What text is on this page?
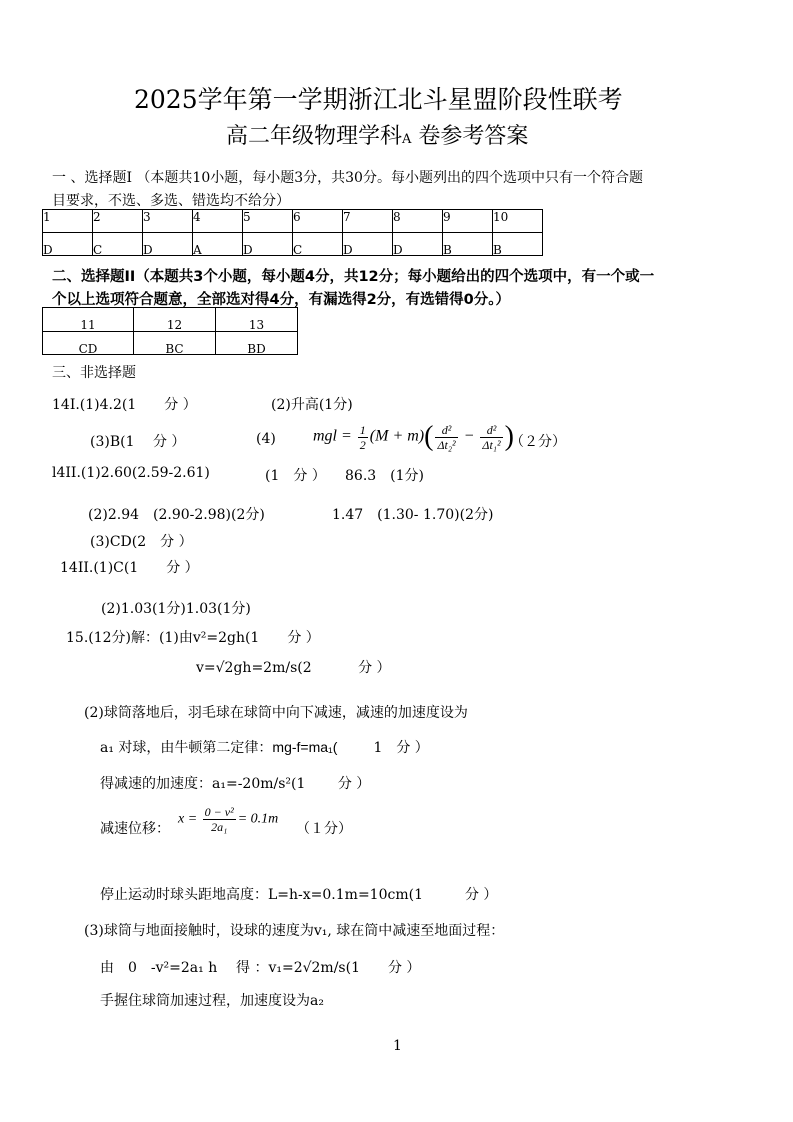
2025学年第一学期浙江北斗星盟阶段性联考
高二年级物理学科A 卷参考答案
一 、选择题I （本题共10小题，每小题3分，共30分。每小题列出的四个选项中只有一个符合题
目要求，不选、多选、错选均不给分）
1	2	3	4	5	6	7	8	9	10
D	C	D	A	D	C	D	D	B	B
二、选择题II（本题共3个小题，每小题4分，共12分；每小题给出的四个选项中，有一个或一
个以上选项符合题意，全部选对得4分，有漏选得2分，有选错得0分。）
11	12	13
CD	BC	BD
三、非选择题
14I.(1)4.2(1　　分 ）	(2)升高(1分)
(3)B(1　 分 ）	(4) mgl = $\frac{1}{2} (M + m)( \frac{\text{d²}}{\text{Δt₂²}} - \frac{\text{d²}}{\text{Δt₁²}}$ )
（２分）
l4II.(1)2.60(2.59-2.61)	(1　分 ） 86.3　(1分)
(2)2.94　(2.90-2.98)(2分)	1.47　(1.30- 1.70)(2分)
(3)CD(2　分 ）
14II.(1)C(1　　分 ）
(2)1.03(1分)1.03(1分)
15.(12分)解：(1)由v²=2gh(1　　分 ）
v=√2gh=2m/s(2　　　 分 ）
(2)球筒落地后，羽毛球在球筒中向下减速，减速的加速度设为
a₁ 对球，由牛顿第二定律：mg-f=ma₁(	1　分 ）
得减速的加速度：a₁=-20m/s²(1　　 分 ）
减速位移：
$x = \frac{\text{0 − v²}}{\text{2a₁}} = 0.1m$
（１分）
停止运动时球头距地高度：L=h-x=0.1m=10cm(1　　　分 ）
(3)球筒与地面接触时，设球的速度为v₁, 球在筒中减速至地面过程：
由　0　-v²=2a₁ h 得 ：v₁=2√2m/s(1　　分 ）
手握住球筒加速过程，加速度设为a₂
1
